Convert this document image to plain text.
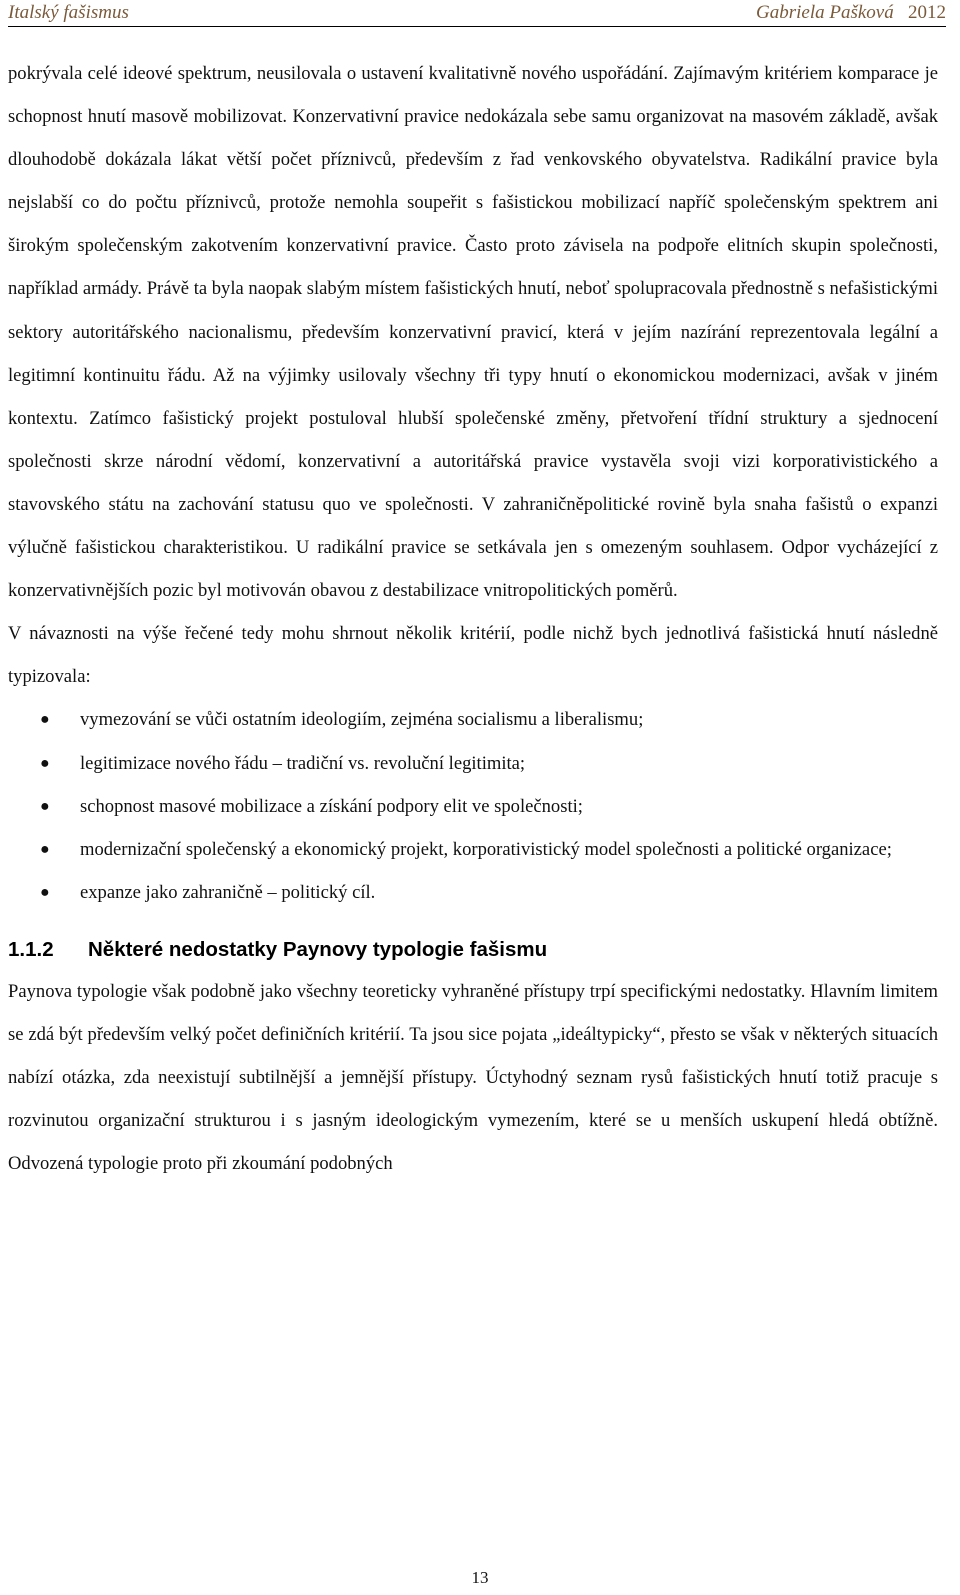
Italský fašismus	Gabriela Pašková 2012

pokrývala celé ideové spektrum, neusilovala o ustavení kvalitativně nového uspořádání. Zajímavým kritériem komparace je schopnost hnutí masově mobilizovat. Konzervativní pravice nedokázala sebe samu organizovat na masovém základě, avšak dlouhodobě dokázala lákat větší počet příznivců, především z řad venkovského obyvatelstva. Radikální pravice byla nejslabší co do počtu příznivců, protože nemohla soupeřit s fašistickou mobilizací napříč společenským spektrem ani širokým společenským zakotvením konzervativní pravice. Často proto závisela na podpoře elitních skupin společnosti, například armády. Právě ta byla naopak slabým místem fašistických hnutí, neboť spolupracovala přednostně s nefašistickými sektory autoritářského nacionalismu, především konzervativní pravicí, která v jejím nazírání reprezentovala legální a legitimní kontinuitu řádu. Až na výjimky usilovaly všechny tři typy hnutí o ekonomickou modernizaci, avšak v jiném kontextu. Zatímco fašistický projekt postuloval hlubší společenské změny, přetvoření třídní struktury a sjednocení společnosti skrze národní vědomí, konzervativní a autoritářská pravice vystavěla svoji vizi korporativistického a stavovského státu na zachování statusu quo ve společnosti. V zahraničněpolitické rovině byla snaha fašistů o expanzi výlučně fašistickou charakteristikou. U radikální pravice se setkávala jen s omezeným souhlasem. Odpor vycházející z konzervativnějších pozic byl motivován obavou z destabilizace vnitropolitických poměrů.

V návaznosti na výše řečené tedy mohu shrnout několik kritérií, podle nichž bych jednotlivá fašistická hnutí následně typizovala:

● vymezování se vůči ostatním ideologiím, zejména socialismu a liberalismu;
● legitimizace nového řádu – tradiční vs. revoluční legitimita;
● schopnost masové mobilizace a získání podpory elit ve společnosti;
● modernizační společenský a ekonomický projekt, korporativistický model společnosti a politické organizace;
● expanze jako zahraničně – politický cíl.
1.1.2 Některé nedostatky Paynovy typologie fašismu

Paynova typologie však podobně jako všechny teoreticky vyhraněné přístupy trpí specifickými nedostatky. Hlavním limitem se zdá být především velký počet definičních kritérií. Ta jsou sice pojata „ideáltypicky“, přesto se však v některých situacích nabízí otázka, zda neexistují subtilnější a jemnější přístupy. Úctyhodný seznam rysů fašistických hnutí totiž pracuje s rozvinutou organizační strukturou i s jasným ideologickým vymezením, které se u menších uskupení hledá obtížně. Odvozená typologie proto při zkoumání podobných

13
